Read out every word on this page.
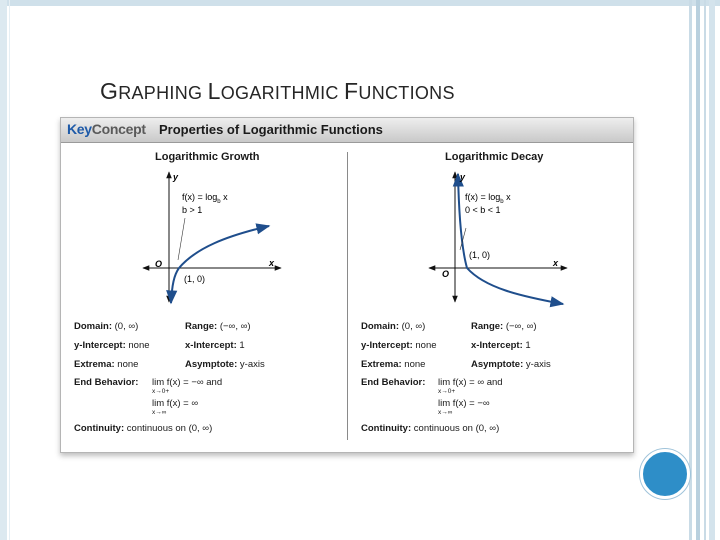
GRAPHING LOGARITHMIC FUNCTIONS
KeyConcept Properties of Logarithmic Functions
Logarithmic Growth
y
x
O
$f(x) = \log_b x$
b > 1
(1, 0)
Domain: (0, ∞)	Range: (−∞, ∞)
y-Intercept: none	x-Intercept: 1
Extrema: none	Asymptote: y-axis
End Behavior: lim f(x) = −∞ and
x→0+
lim f(x) = ∞
x→∞
Continuity: continuous on (0, ∞)
Logarithmic Decay
y
x
O
$f(x) = \log_b x$
0 < b < 1
(1, 0)
Domain: (0, ∞)	Range: (−∞, ∞)
y-Intercept: none	x-Intercept: 1
Extrema: none	Asymptote: y-axis
End Behavior: lim f(x) = ∞ and
x→0+
lim f(x) = −∞
x→∞
Continuity: continuous on (0, ∞)
